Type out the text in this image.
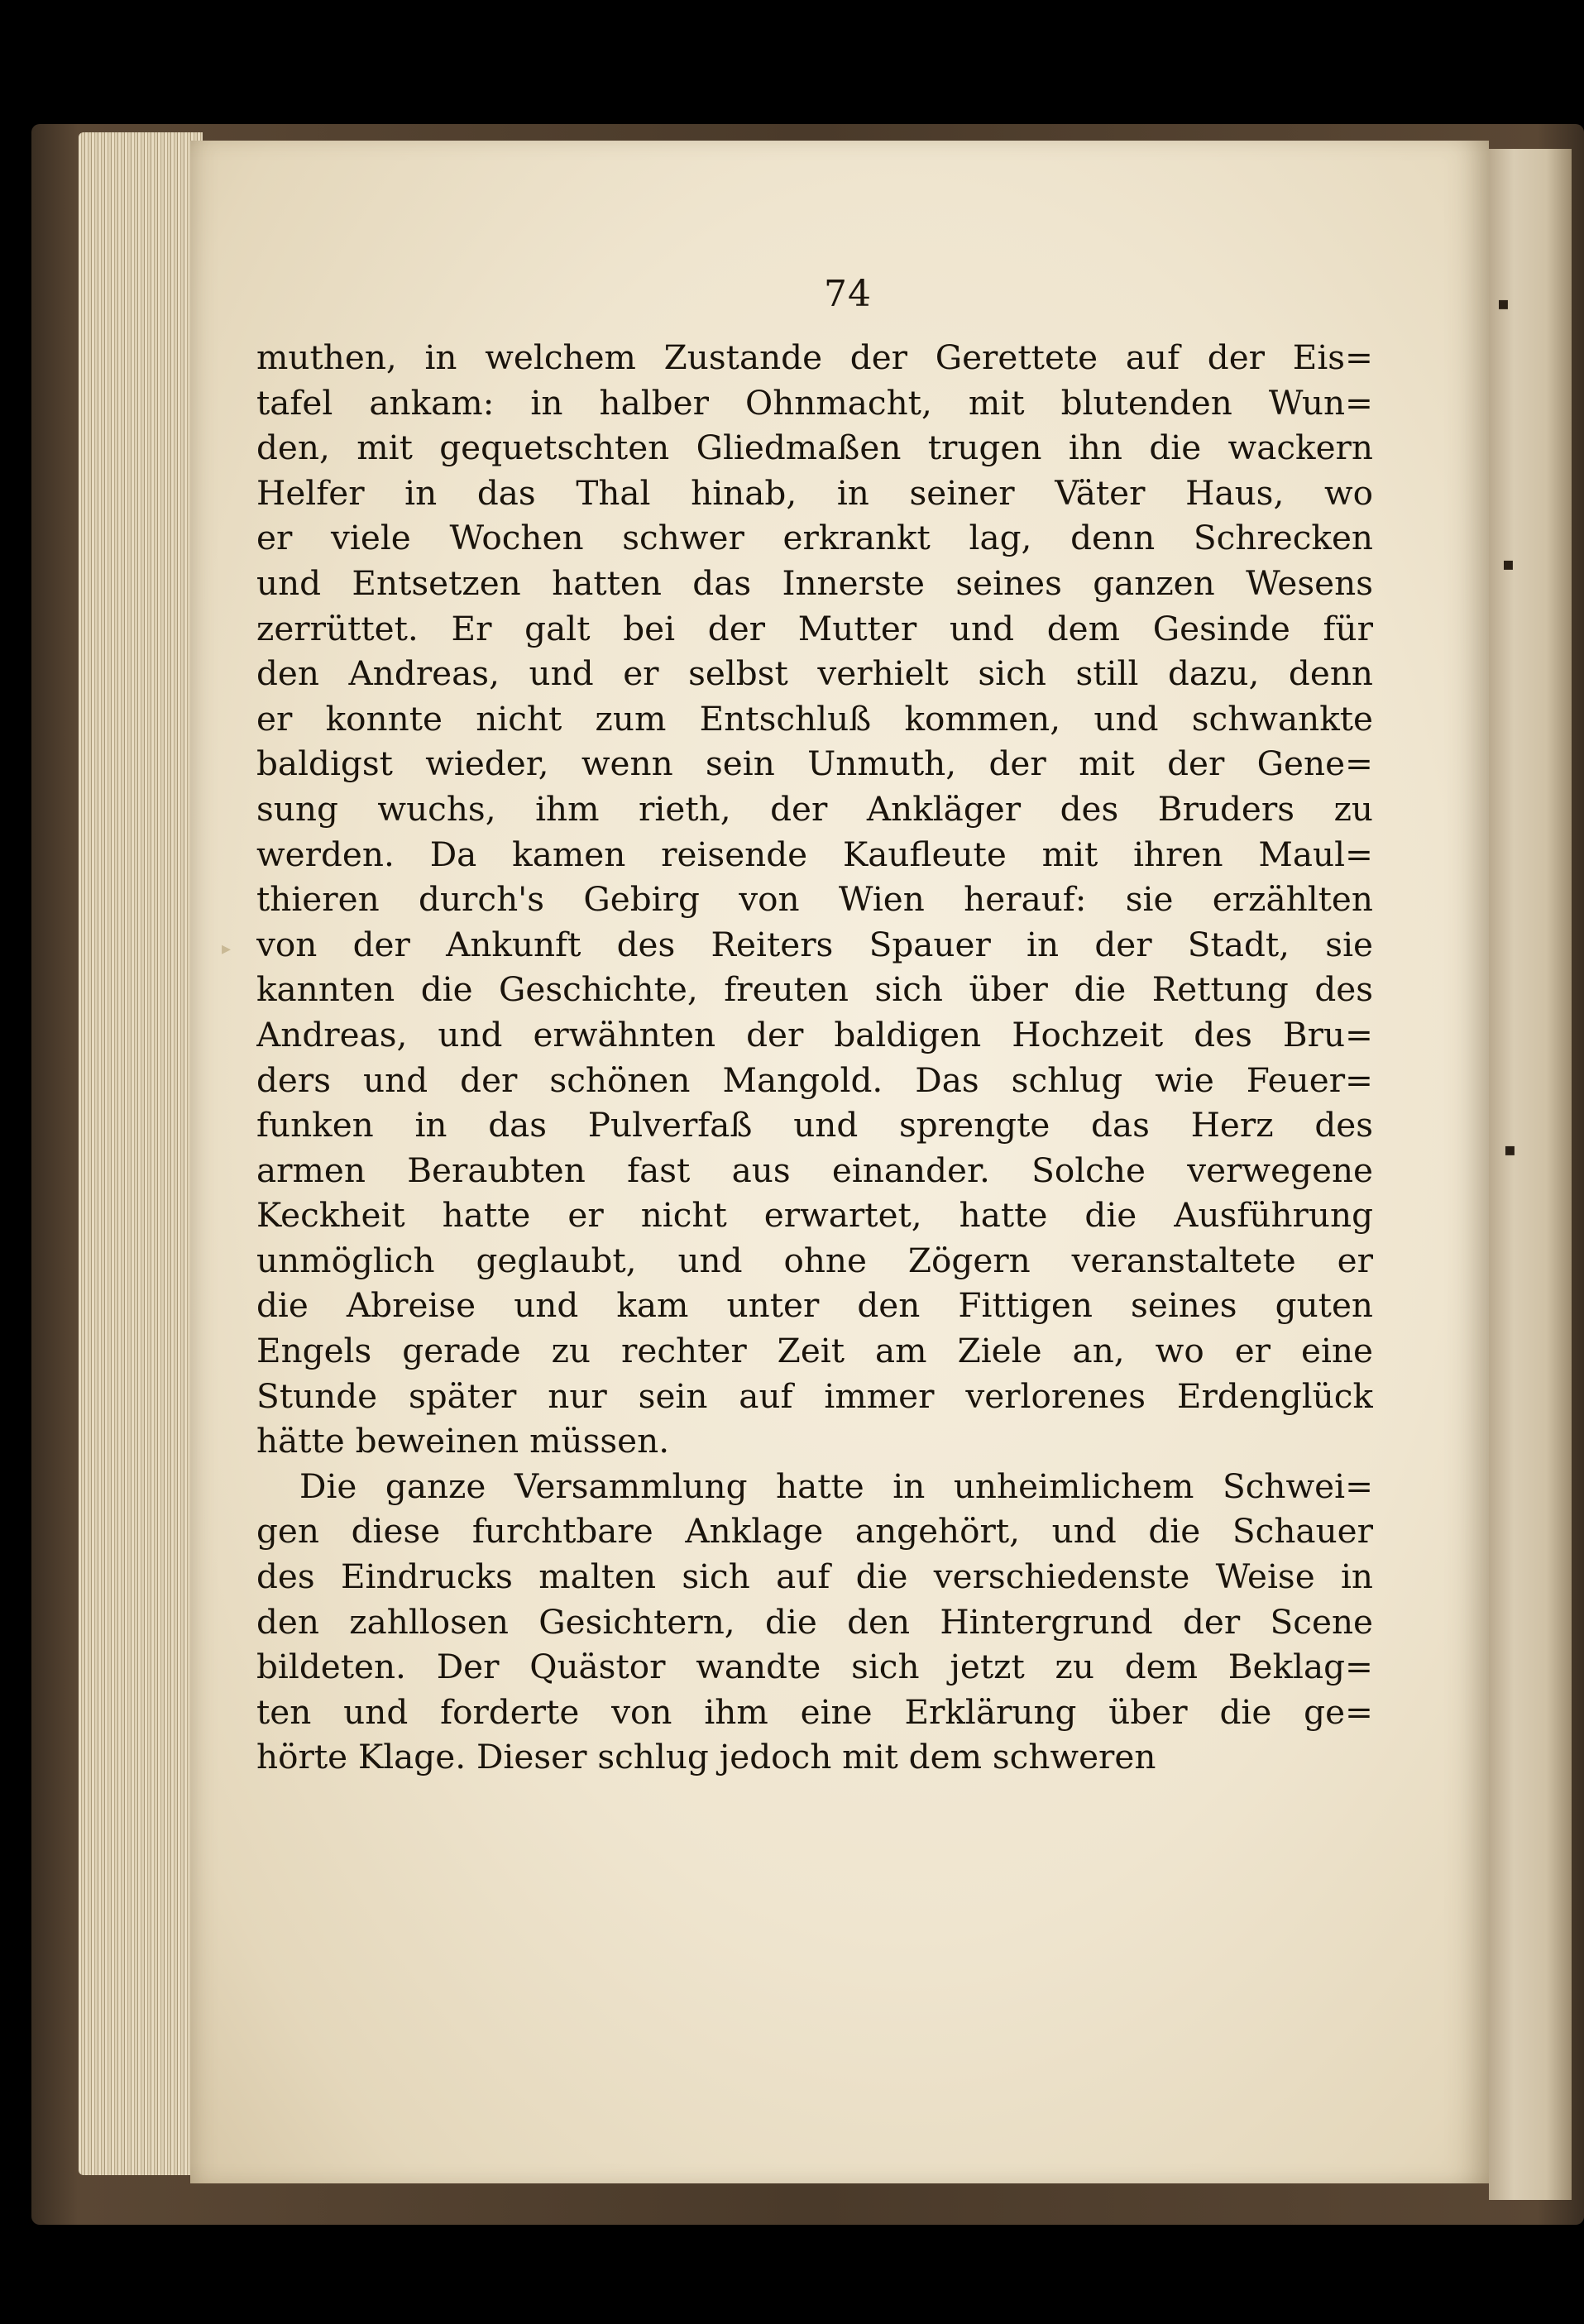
74
muthen, in welchem Zustande der Gerettete auf der Eis=
tafel ankam: in halber Ohnmacht, mit blutenden Wun=
den, mit gequetschten Gliedmaßen trugen ihn die wackern
Helfer in das Thal hinab, in seiner Väter Haus, wo
er viele Wochen schwer erkrankt lag, denn Schrecken
und Entsetzen hatten das Innerste seines ganzen Wesens
zerrüttet. Er galt bei der Mutter und dem Gesinde für
den Andreas, und er selbst verhielt sich still dazu, denn
er konnte nicht zum Entschluß kommen, und schwankte
baldigst wieder, wenn sein Unmuth, der mit der Gene=
sung wuchs, ihm rieth, der Ankläger des Bruders zu
werden. Da kamen reisende Kaufleute mit ihren Maul=
thieren durch's Gebirg von Wien herauf: sie erzählten
von der Ankunft des Reiters Spauer in der Stadt, sie
kannten die Geschichte, freuten sich über die Rettung des
Andreas, und erwähnten der baldigen Hochzeit des Bru=
ders und der schönen Mangold. Das schlug wie Feuer=
funken in das Pulverfaß und sprengte das Herz des
armen Beraubten fast aus einander. Solche verwegene
Keckheit hatte er nicht erwartet, hatte die Ausführung
unmöglich geglaubt, und ohne Zögern veranstaltete er
die Abreise und kam unter den Fittigen seines guten
Engels gerade zu rechter Zeit am Ziele an, wo er eine
Stunde später nur sein auf immer verlorenes Erdenglück
hätte beweinen müssen.
Die ganze Versammlung hatte in unheimlichem Schwei=
gen diese furchtbare Anklage angehört, und die Schauer
des Eindrucks malten sich auf die verschiedenste Weise in
den zahllosen Gesichtern, die den Hintergrund der Scene
bildeten. Der Quästor wandte sich jetzt zu dem Beklag=
ten und forderte von ihm eine Erklärung über die ge=
hörte Klage. Dieser schlug jedoch mit dem schweren
▪
▪
▪
▸
